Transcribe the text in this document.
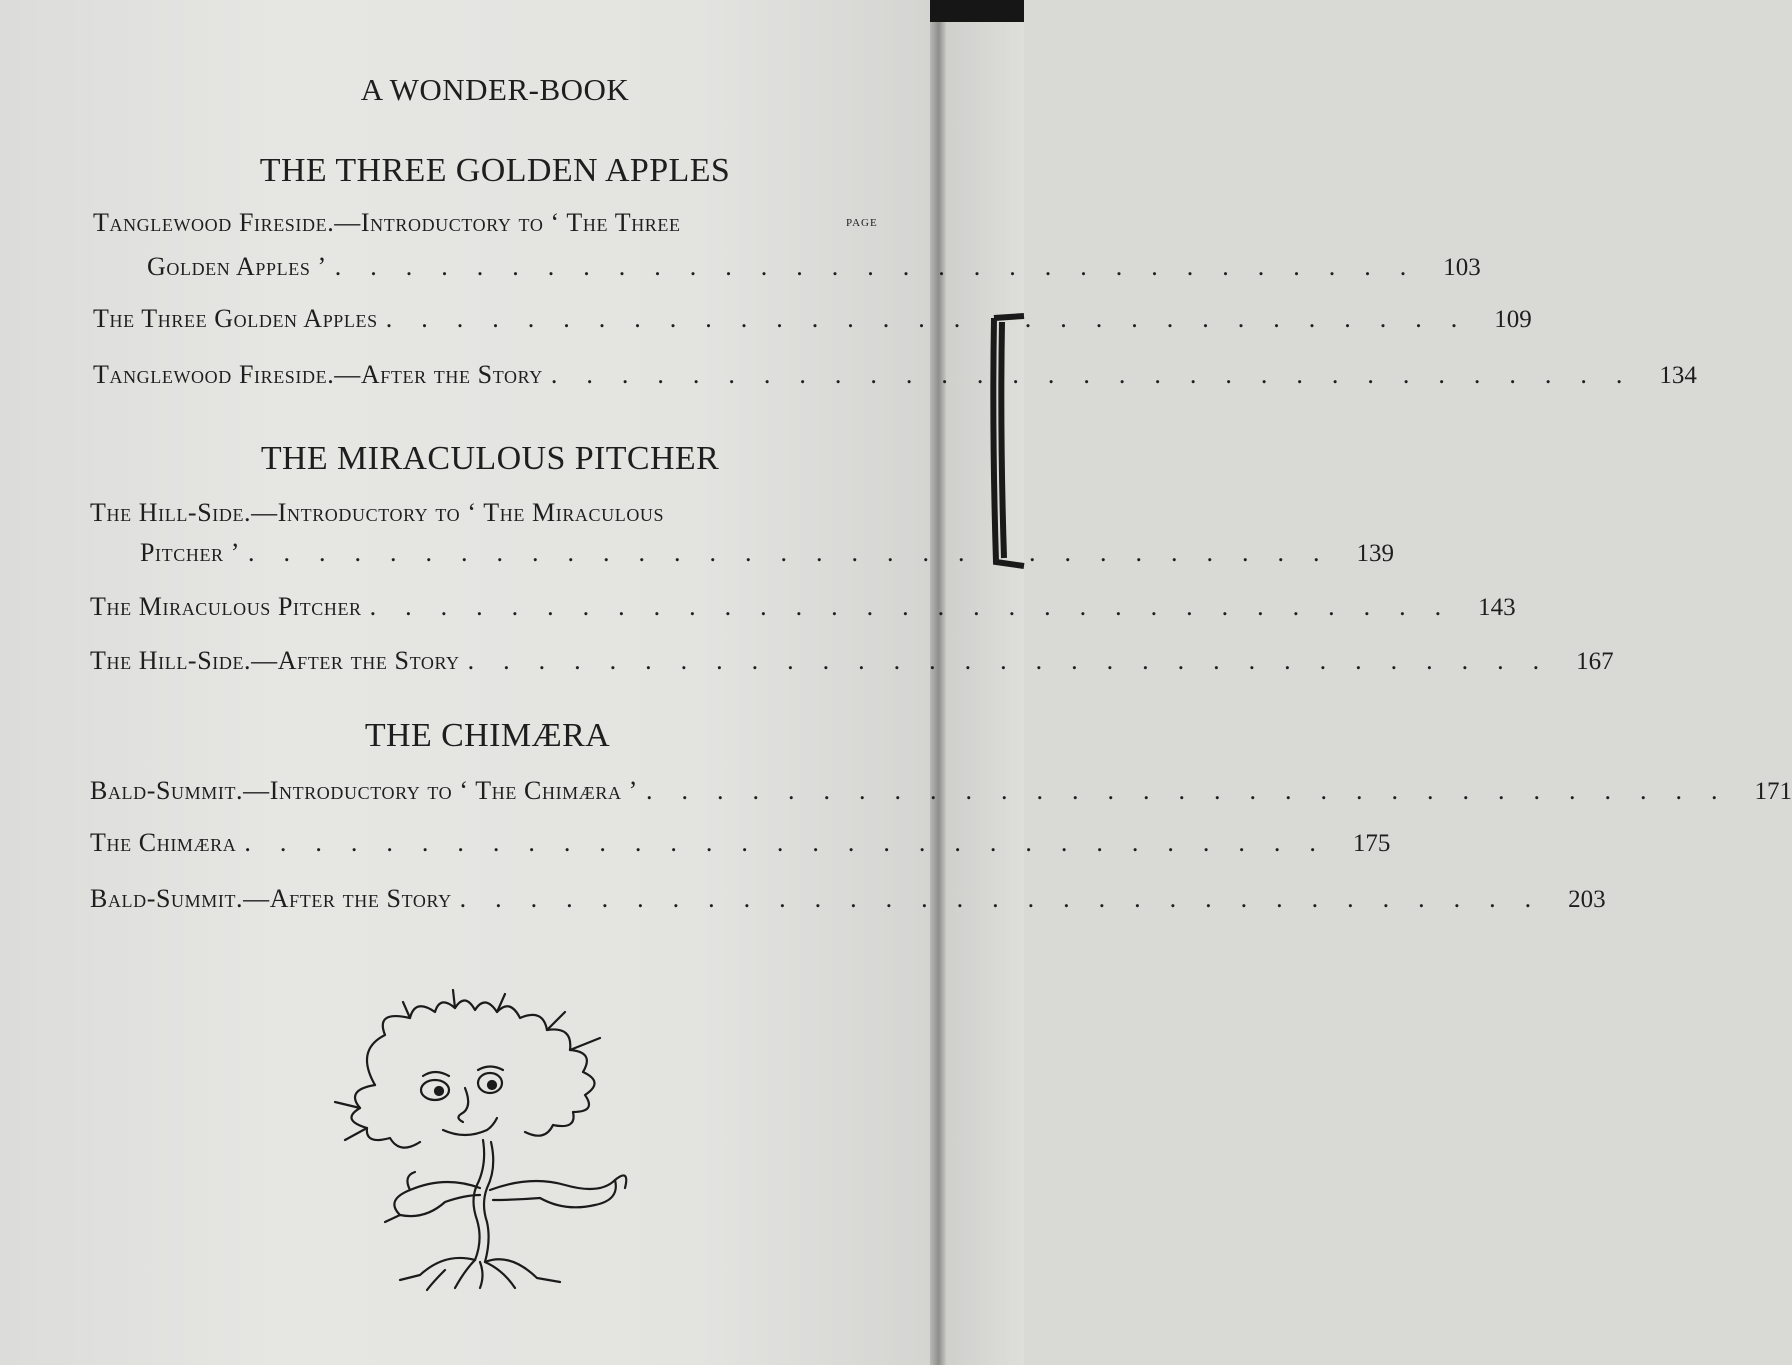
A WONDER-BOOK
THE THREE GOLDEN APPLES
PAGE
Tanglewood Fireside.—Introductory to ‘ The Three
Golden Apples ’ ............................... 103
The Three Golden Apples ............................... 109
Tanglewood Fireside.—After the Story ............................... 134
THE MIRACULOUS PITCHER
The Hill-Side.—Introductory to ‘ The Miraculous
Pitcher ’ ............................... 139
The Miraculous Pitcher ............................... 143
The Hill-Side.—After the Story ............................... 167
THE CHIMÆRA
Bald-Summit.—Introductory to ‘ The Chimæra ’ ............................... 171
The Chimæra ............................... 175
Bald-Summit.—After the Story ............................... 203
